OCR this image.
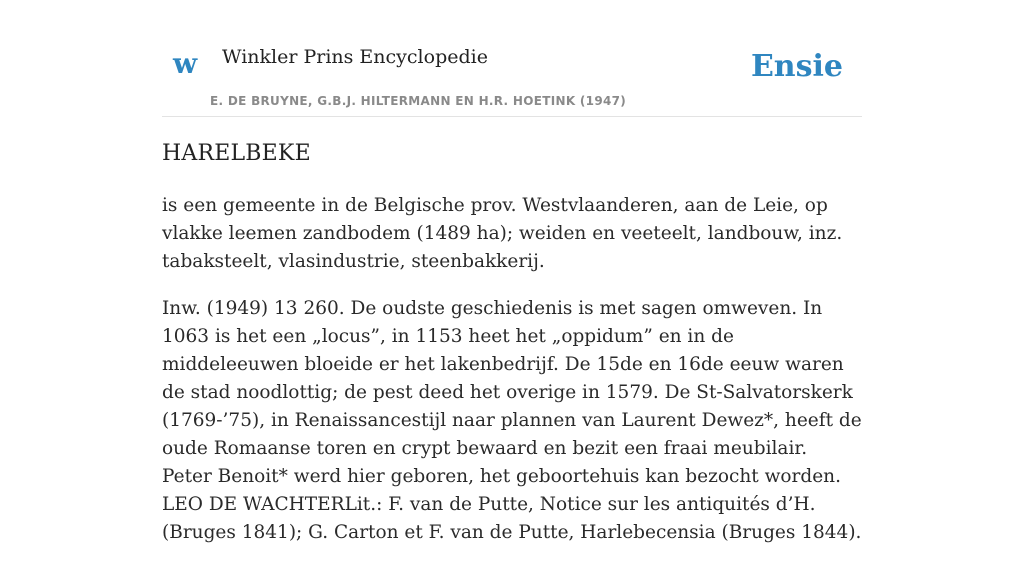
w Winkler Prins Encyclopedie
E. DE BRUYNE, G.B.J. HILTERMANN EN H.R. HOETINK (1947)
Ensie
HARELBEKE

is een gemeente in de Belgische prov. Westvlaanderen, aan de Leie, op vlakke leemen zandbodem (1489 ha); weiden en veeteelt, landbouw, inz. tabaksteelt, vlasindustrie, steenbakkerij.

Inw. (1949) 13 260. De oudste geschiedenis is met sagen omweven. In 1063 is het een „locus”, in 1153 heet het „oppidum” en in de middeleeuwen bloeide er het lakenbedrijf. De 15de en 16de eeuw waren de stad noodlottig; de pest deed het overige in 1579. De St-Salvatorskerk (1769-’75), in Renaissancestijl naar plannen van Laurent Dewez*, heeft de oude Romaanse toren en crypt bewaard en bezit een fraai meubilair. Peter Benoit* werd hier geboren, het geboortehuis kan bezocht worden. LEO DE WACHTERLit.: F. van de Putte, Notice sur les antiquités d’H. (Bruges 1841); G. Carton et F. van de Putte, Harlebecensia (Bruges 1844).
